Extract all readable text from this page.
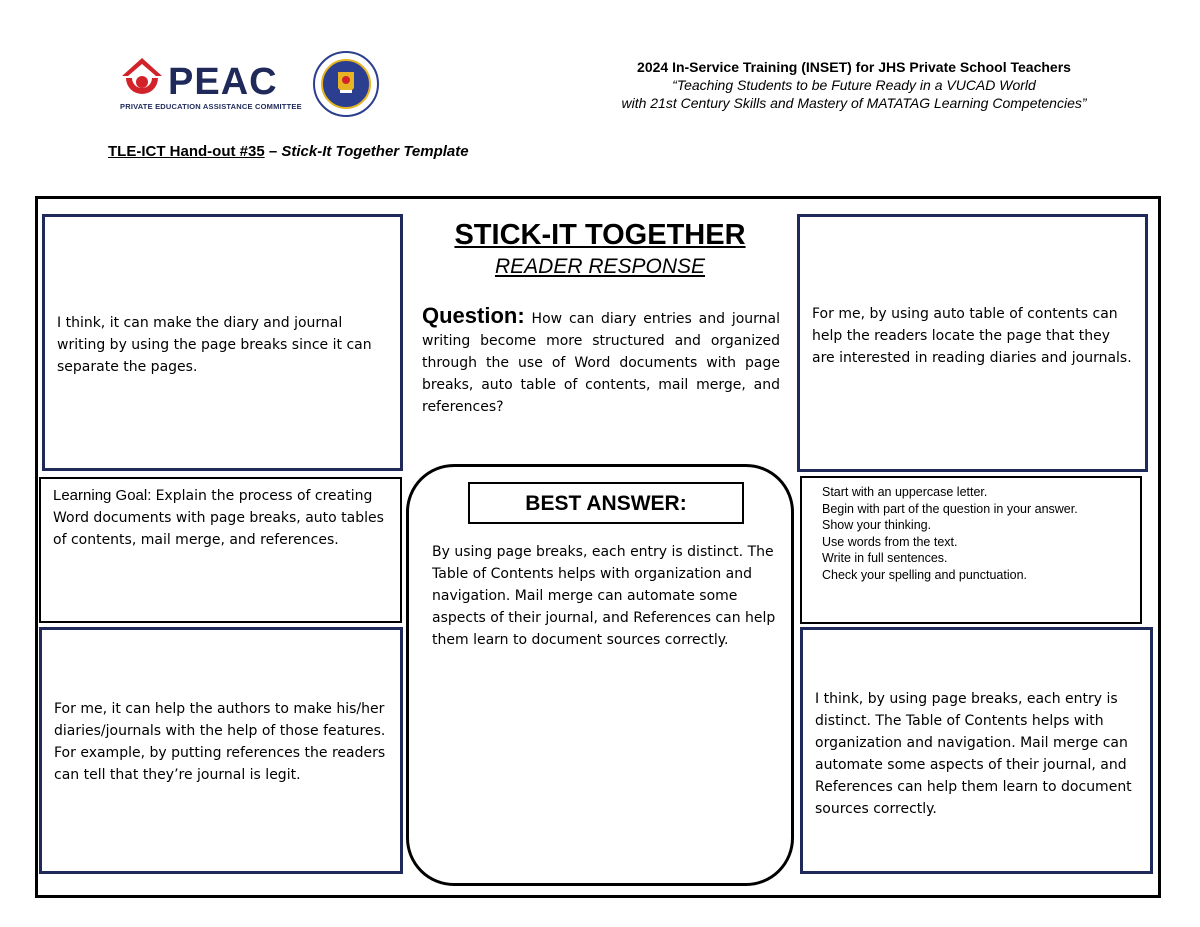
PEAC
PRIVATE EDUCATION ASSISTANCE COMMITTEE
2024 In-Service Training (INSET) for JHS Private School Teachers
“Teaching Students to be Future Ready in a VUCAD World
with 21st Century Skills and Mastery of MATATAG Learning Competencies”
TLE-ICT Hand-out #35 – Stick-It Together Template
I think, it can make the diary and journal writing by using the page breaks since it can separate the pages.
For me, by using auto table of contents can help the readers locate the page that they are interested in reading diaries and journals.
Learning Goal: Explain the process of creating Word documents with page breaks, auto tables of contents, mail merge, and references.
Start with an uppercase letter.
Begin with part of the question in your answer.
Show your thinking.
Use words from the text.
Write in full sentences.
Check your spelling and punctuation.
For me, it can help the authors to make his/her diaries/journals with the help of those features. For example, by putting references the readers can tell that they’re journal is legit.
I think, by using page breaks, each entry is distinct. The Table of Contents helps with organization and navigation. Mail merge can automate some aspects of their journal, and References can help them learn to document sources correctly.
STICK-IT TOGETHER
READER RESPONSE
Question: How can diary entries and journal writing become more structured and organized through the use of Word documents with page breaks, auto table of contents, mail merge, and references?
BEST ANSWER:
By using page breaks, each entry is distinct. The Table of Contents helps with organization and navigation. Mail merge can automate some aspects of their journal, and References can help them learn to document sources correctly.
